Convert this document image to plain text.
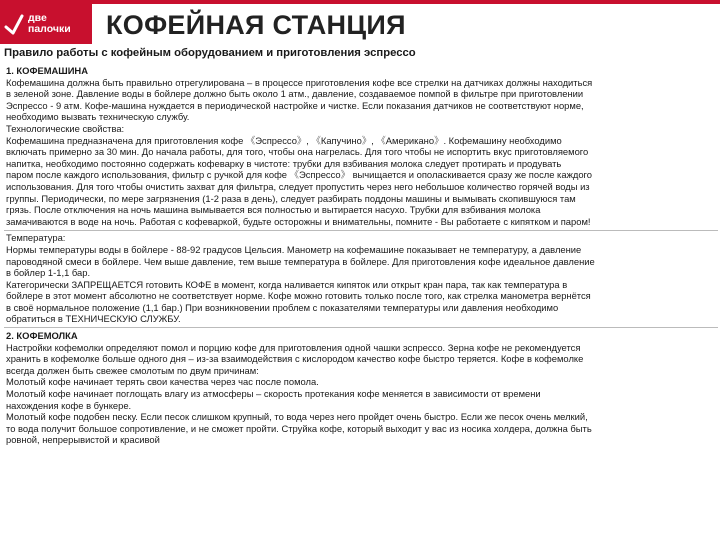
две
палочки КОФЕЙНАЯ СТАНЦИЯ
Правило работы с кофейным оборудованием и приготовления эспрессо
1. КОФЕМАШИНА
Кофемашина должна быть правильно отрегулирована – в процессе приготовления кофе все стрелки на датчиках должны находиться
в зеленой зоне. Давление воды в бойлере должно быть около 1 атм., давление, создаваемое помпой в фильтре при приготовлении
Эспрессо - 9 атм. Кофе-машина нуждается в периодической настройке и чистке. Если показания датчиков не соответствуют норме,
необходимо вызвать техническую службу.
Технологические свойства:
Кофемашина предназначена для приготовления кофе 《Эспрессо》, 《Капучино》, 《Американо》. Кофемашину необходимо
включать примерно за 30 мин. До начала работы, для того, чтобы она нагрелась. Для того чтобы не испортить вкус приготовляемого
напитка, необходимо постоянно содержать кофеварку в чистоте: трубки для взбивания молока следует протирать и продувать
паром после каждого использования, фильтр с ручкой для кофе 《Эспрессо》 вычищается и ополаскивается сразу же после каждого
использования. Для того чтобы очистить захват для фильтра, следует пропустить через него небольшое количество горячей воды из
группы. Периодически, по мере загрязнения (1-2 раза в день), следует разбирать поддоны машины и вымывать скопившуюся там
грязь. После отключения на ночь машина вымывается вся полностью и вытирается насухо. Трубки для взбивания молока
замачиваются в воде на ночь. Работая с кофеваркой, будьте осторожны и внимательны, помните - Вы работаете с кипятком и паром!
Температура:
Нормы температуры воды в бойлере - 88-92 градусов Цельсия. Манометр на кофемашине показывает не температуру, а давление
пароводяной смеси в бойлере. Чем выше давление, тем выше температура в бойлере. Для приготовления кофе идеальное давление
в бойлер 1-1,1 бар.
Категорически ЗАПРЕЩАЕТСЯ готовить КОФЕ в момент, когда наливается кипяток или открыт кран пара, так как температура в
бойлере в этот момент абсолютно не соответствует норме. Кофе можно готовить только после того, как стрелка манометра вернётся
в своё нормальное положение (1,1 бар.) При возникновении проблем с показателями температуры или давления необходимо
обратиться в ТЕХНИЧЕСКУЮ СЛУЖБУ.
2. КОФЕМОЛКА
Настройки кофемолки определяют помол и порцию кофе для приготовления одной чашки эспрессо. Зерна кофе не рекомендуется
хранить в кофемолке больше одного дня – из-за взаимодействия с кислородом качество кофе быстро теряется. Кофе в кофемолке
всегда должен быть свежее смолотым по двум причинам:
Молотый кофе начинает терять свои качества через час после помола.
Молотый кофе начинает поглощать влагу из атмосферы – скорость протекания кофе меняется в зависимости от времени
нахождения кофе в бункере.
Молотый кофе подобен песку. Если песок слишком крупный, то вода через него пройдет очень быстро. Если же песок очень мелкий,
то вода получит большое сопротивление, и не сможет пройти. Струйка кофе, который выходит у вас из носика холдера, должна быть
ровной, непрерывистой и красивой
